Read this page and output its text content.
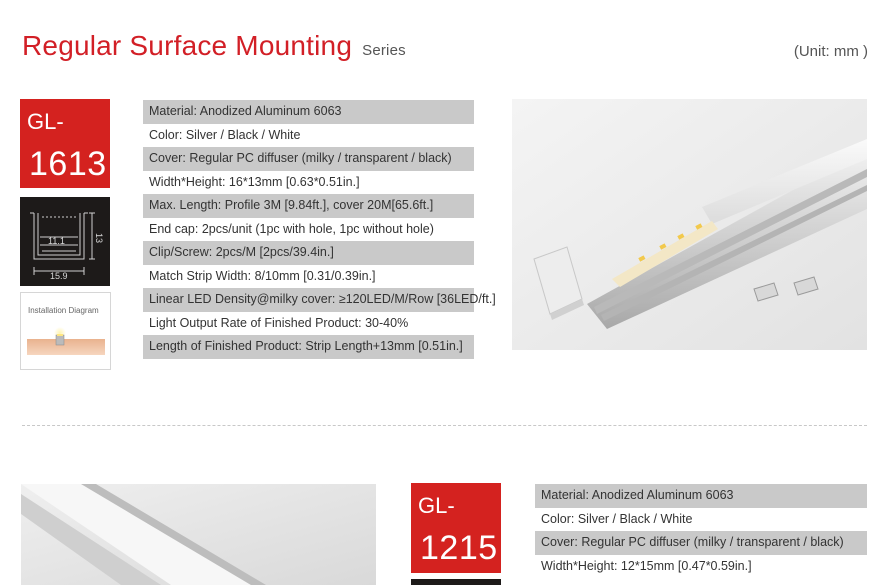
Regular Surface Mounting Series	(Unit: mm )
GL-
1613
11.1
15.9
13
Installation Diagram
Material: Anodized Aluminum 6063
Color: Silver / Black / White
Cover: Regular PC diffuser (milky / transparent / black)
Width*Height: 16*13mm [0.63*0.51in.]
Max. Length: Profile 3M [9.84ft.], cover 20M[65.6ft.]
End cap: 2pcs/unit (1pc with hole, 1pc without hole)
Clip/Screw: 2pcs/M [2pcs/39.4in.]
Match Strip Width: 8/10mm [0.31/0.39in.]
Linear LED Density@milky cover: ≥120LED/M/Row [36LED/ft.]
Light Output Rate of Finished Product: 30-40%
Length of Finished Product: Strip Length+13mm [0.51in.]
GL-
1215
Material: Anodized Aluminum 6063
Color: Silver / Black / White
Cover: Regular PC diffuser (milky / transparent / black)
Width*Height: 12*15mm [0.47*0.59in.]
